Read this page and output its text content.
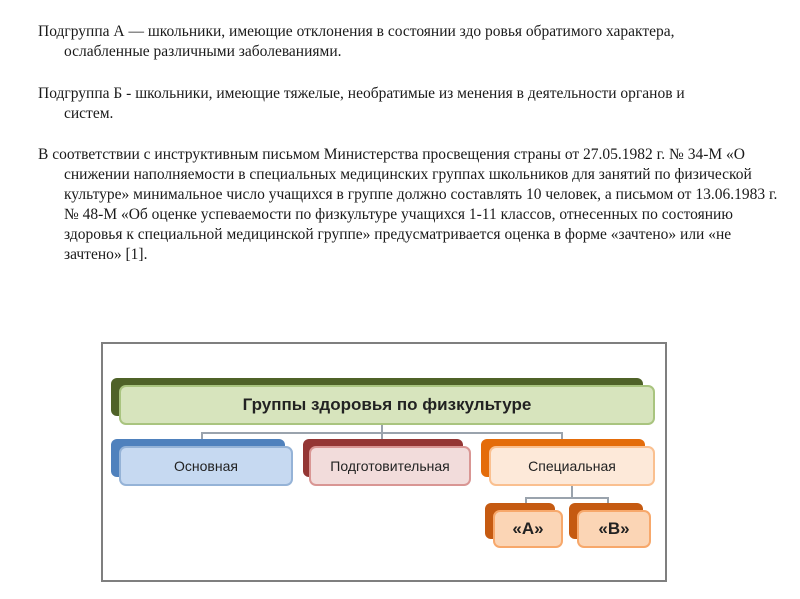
Подгруппа А — школьники, имеющие отклонения в состоянии здо ровья обратимого характера, ослабленные различными заболеваниями.

Подгруппа Б - школьники, имеющие тяжелые, необратимые из менения в деятельности органов и систем.

В соответствии с инструктивным письмом Министерства просвещения страны от 27.05.1982 г. № 34-М «О снижении наполняемости в специальных медицинских группах школьников для занятий по физической культуре» минимальное число учащихся в группе должно составлять 10 человек, а письмом от 13.06.1983 г. № 48-М «Об оценке успеваемости по физкультуре учащихся 1-11 классов, отнесенных по состоянию здоровья к специальной медицинской группе» предусматривается оценка в форме «зачтено» или «не зачтено» [1].

Группы здоровья по физкультуре
Основная	Подготовительная	Специальная
«А»	«В»
